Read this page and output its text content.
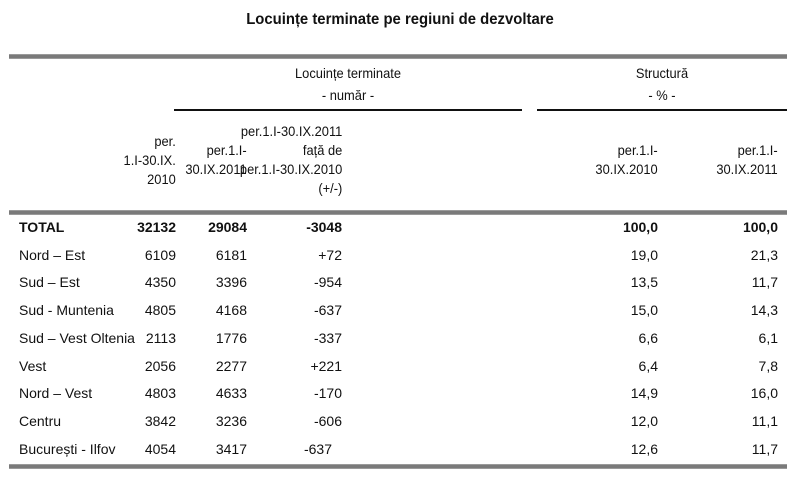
Locuințe terminate pe regiuni de dezvoltare
Locuințe terminate
- număr -
Structură
- % -
per.
1.I-30.IX.
2010
per.1.I-
30.IX.2011
per.1.I-30.IX.2011
față de
per.1.I-30.IX.2010
(+/-)
per.1.I-
30.IX.2010
per.1.I-
30.IX.2011
TOTAL	32132 29084	-3048	100,0	100,0
Nord – Est	6109	6181	+72	19,0	21,3
Sud – Est	4350	3396	-954	13,5	11,7
Sud - Muntenia 4805	4168	-637	15,0	14,3
Sud – Vest Oltenia 2113	1776	-337	6,6	6,1
Vest	2056	2277	+221	6,4	7,8
Nord – Vest	4803	4633	-170	14,9	16,0
Centru	3842	3236	-606	12,0	11,1
București - Ilfov 4054	3417	-637	12,6	11,7
